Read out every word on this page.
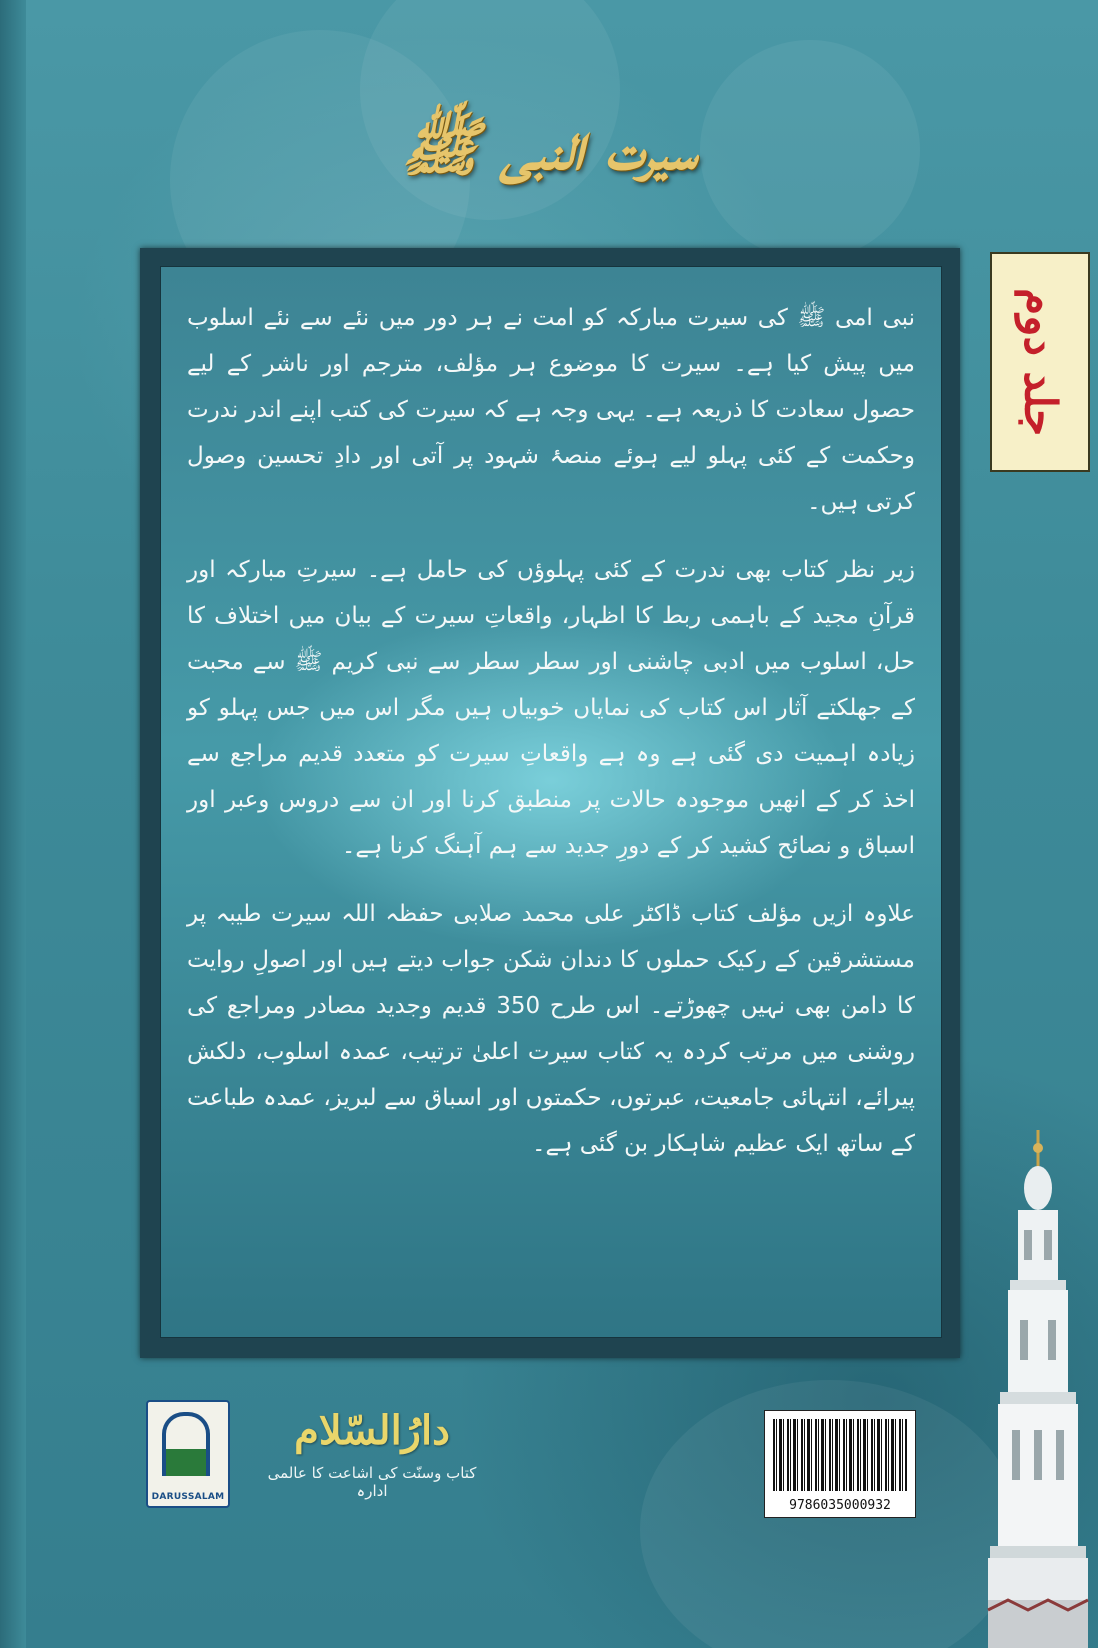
سیرت النبی ﷺ
جلد دوم

نبی امی ﷺ کی سیرت مبارکہ کو امت نے ہر دور میں نئے سے نئے اسلوب میں پیش کیا ہے۔ سیرت کا موضوع ہر مؤلف، مترجم اور ناشر کے لیے حصول سعادت کا ذریعہ ہے۔ یہی وجہ ہے کہ سیرت کی کتب اپنے اندر ندرت وحکمت کے کئی پہلو لیے ہوئے منصۂ شہود پر آتی اور دادِ تحسین وصول کرتی ہیں۔

زیر نظر کتاب بھی ندرت کے کئی پہلوؤں کی حامل ہے۔ سیرتِ مبارکہ اور قرآنِ مجید کے باہمی ربط کا اظہار، واقعاتِ سیرت کے بیان میں اختلاف کا حل، اسلوب میں ادبی چاشنی اور سطر سطر سے نبی کریم ﷺ سے محبت کے جھلکتے آثار اس کتاب کی نمایاں خوبیاں ہیں مگر اس میں جس پہلو کو زیادہ اہمیت دی گئی ہے وہ ہے واقعاتِ سیرت کو متعدد قدیم مراجع سے اخذ کر کے انھیں موجودہ حالات پر منطبق کرنا اور ان سے دروس وعبر اور اسباق و نصائح کشید کر کے دورِ جدید سے ہم آہنگ کرنا ہے۔

علاوہ ازیں مؤلف کتاب ڈاکٹر علی محمد صلابی حفظہ اللہ سیرت طیبہ پر مستشرقین کے رکیک حملوں کا دندان شکن جواب دیتے ہیں اور اصولِ روایت کا دامن بھی نہیں چھوڑتے۔ اس طرح 350 قدیم وجدید مصادر ومراجع کی روشنی میں مرتب کردہ یہ کتاب سیرت اعلیٰ ترتیب، عمدہ اسلوب، دلکش پیرائے، انتہائی جامعیت، عبرتوں، حکمتوں اور اسباق سے لبریز، عمدہ طباعت کے ساتھ ایک عظیم شاہکار بن گئی ہے۔

DARUSSALAM
دارُالسّلام
کتاب وسنّت کی اشاعت کا عالمی ادارہ
9786035000932
